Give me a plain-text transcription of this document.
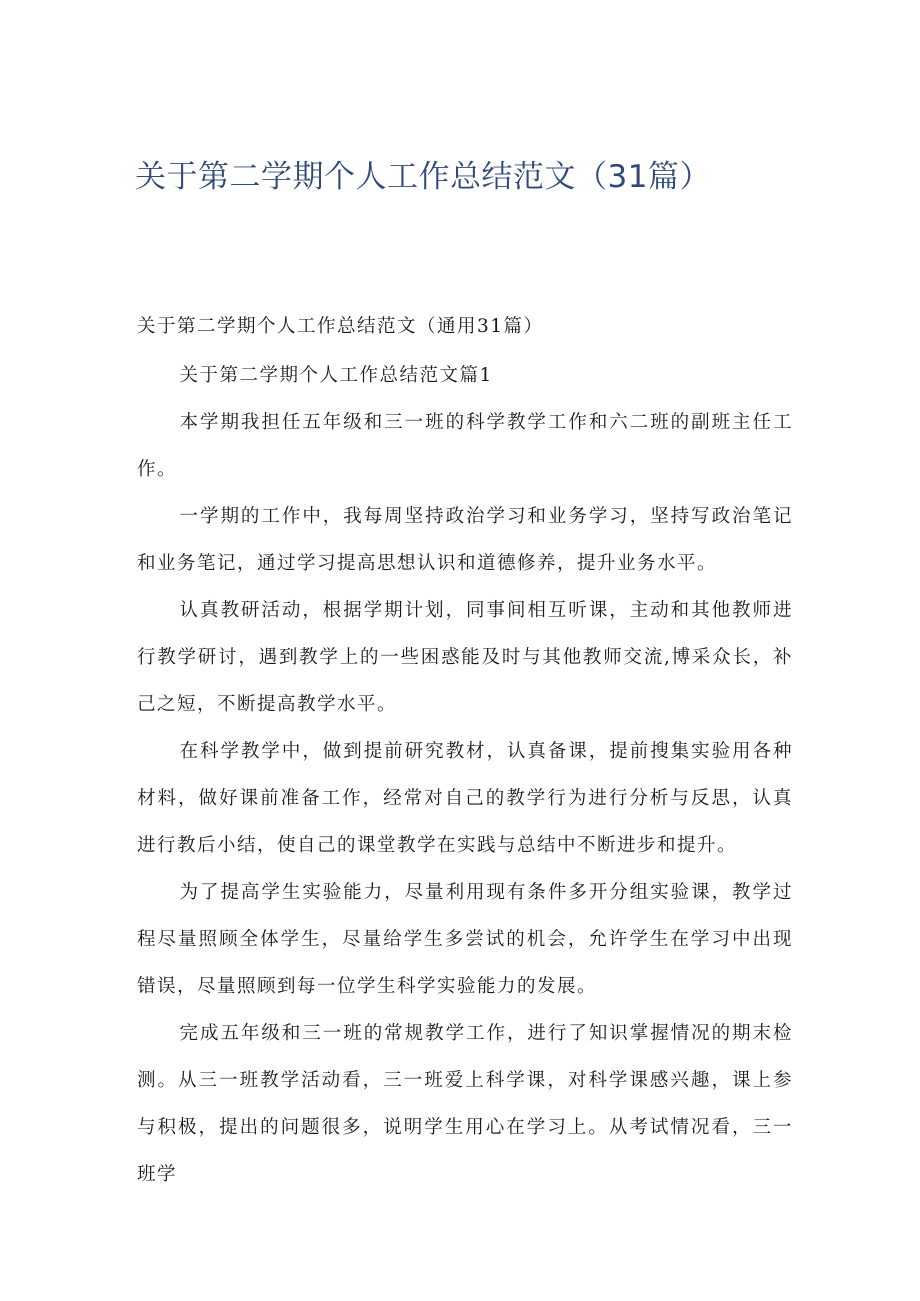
关于第二学期个人工作总结范文（31篇）

关于第二学期个人工作总结范文（通用31篇）

关于第二学期个人工作总结范文篇1

本学期我担任五年级和三一班的科学教学工作和六二班的副班主任工作。

一学期的工作中，我每周坚持政治学习和业务学习，坚持写政治笔记和业务笔记，通过学习提高思想认识和道德修养，提升业务水平。

认真教研活动，根据学期计划，同事间相互听课，主动和其他教师进行教学研讨，遇到教学上的一些困惑能及时与其他教师交流,博采众长，补己之短，不断提高教学水平。

在科学教学中，做到提前研究教材，认真备课，提前搜集实验用各种材料，做好课前准备工作，经常对自己的教学行为进行分析与反思，认真进行教后小结，使自己的课堂教学在实践与总结中不断进步和提升。

为了提高学生实验能力，尽量利用现有条件多开分组实验课，教学过程尽量照顾全体学生，尽量给学生多尝试的机会，允许学生在学习中出现错误，尽量照顾到每一位学生科学实验能力的发展。

完成五年级和三一班的常规教学工作，进行了知识掌握情况的期末检测。从三一班教学活动看，三一班爱上科学课，对科学课感兴趣，课上参与积极，提出的问题很多，说明学生用心在学习上。从考试情况看，三一班学
